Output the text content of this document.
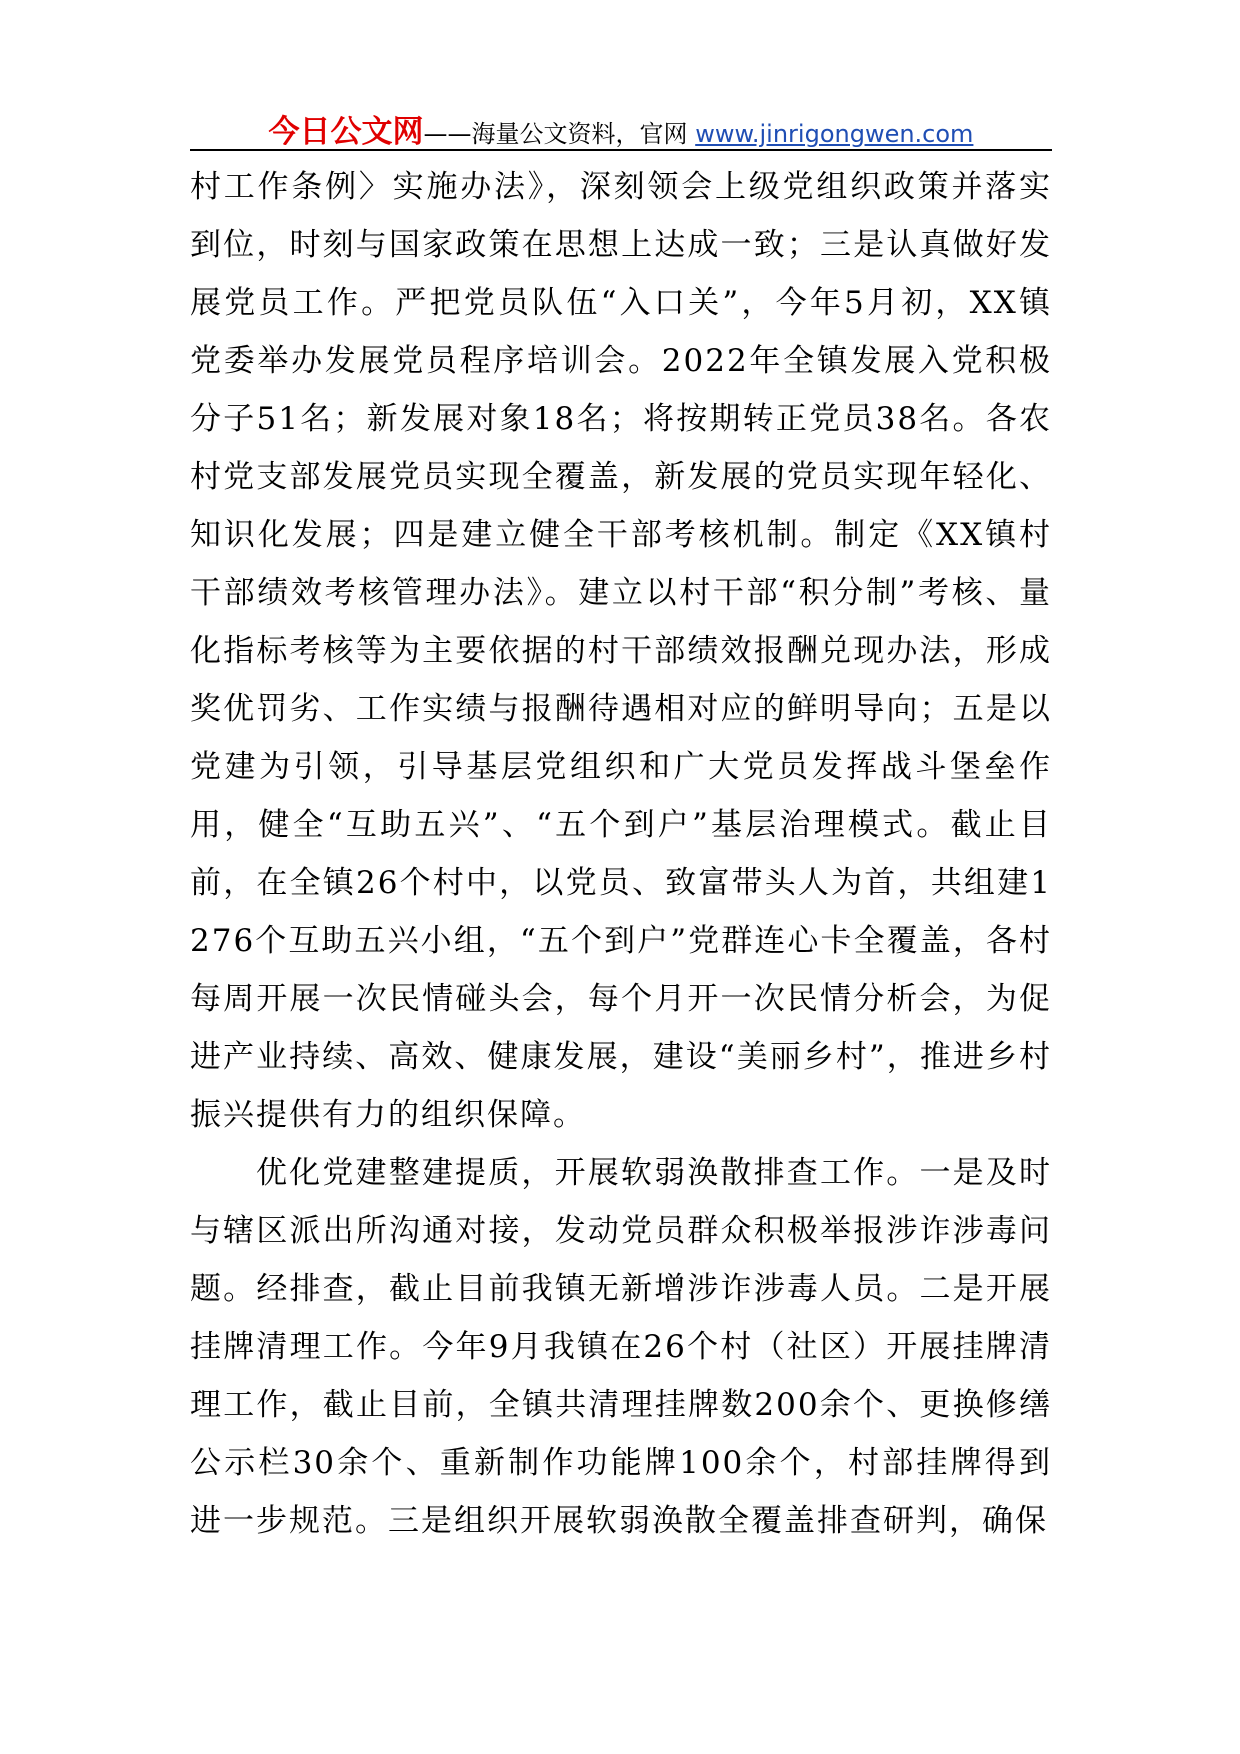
今日公文网——海量公文资料，官网 www.jinrigongwen.com

村工作条例〉实施办法》，深刻领会上级党组织政策并落实到位，时刻与国家政策在思想上达成一致；三是认真做好发展党员工作。严把党员队伍“入口关”，今年5月初，XX镇党委举办发展党员程序培训会。2022年全镇发展入党积极分子51名；新发展对象18名；将按期转正党员38名。各农村党支部发展党员实现全覆盖，新发展的党员实现年轻化、知识化发展；四是建立健全干部考核机制。制定《XX镇村干部绩效考核管理办法》。建立以村干部“积分制”考核、量化指标考核等为主要依据的村干部绩效报酬兑现办法，形成奖优罚劣、工作实绩与报酬待遇相对应的鲜明导向；五是以党建为引领，引导基层党组织和广大党员发挥战斗堡垒作用，健全“互助五兴”、“五个到户”基层治理模式。截止目前，在全镇26个村中，以党员、致富带头人为首，共组建1276个互助五兴小组，“五个到户”党群连心卡全覆盖，各村每周开展一次民情碰头会，每个月开一次民情分析会，为促进产业持续、高效、健康发展，建设“美丽乡村”，推进乡村振兴提供有力的组织保障。

优化党建整建提质，开展软弱涣散排查工作。一是及时与辖区派出所沟通对接，发动党员群众积极举报涉诈涉毒问题。经排查，截止目前我镇无新增涉诈涉毒人员。二是开展挂牌清理工作。今年9月我镇在26个村（社区）开展挂牌清理工作，截止目前，全镇共清理挂牌数200余个、更换修缮公示栏30余个、重新制作功能牌100余个，村部挂牌得到进一步规范。三是组织开展软弱涣散全覆盖排查研判，确保
